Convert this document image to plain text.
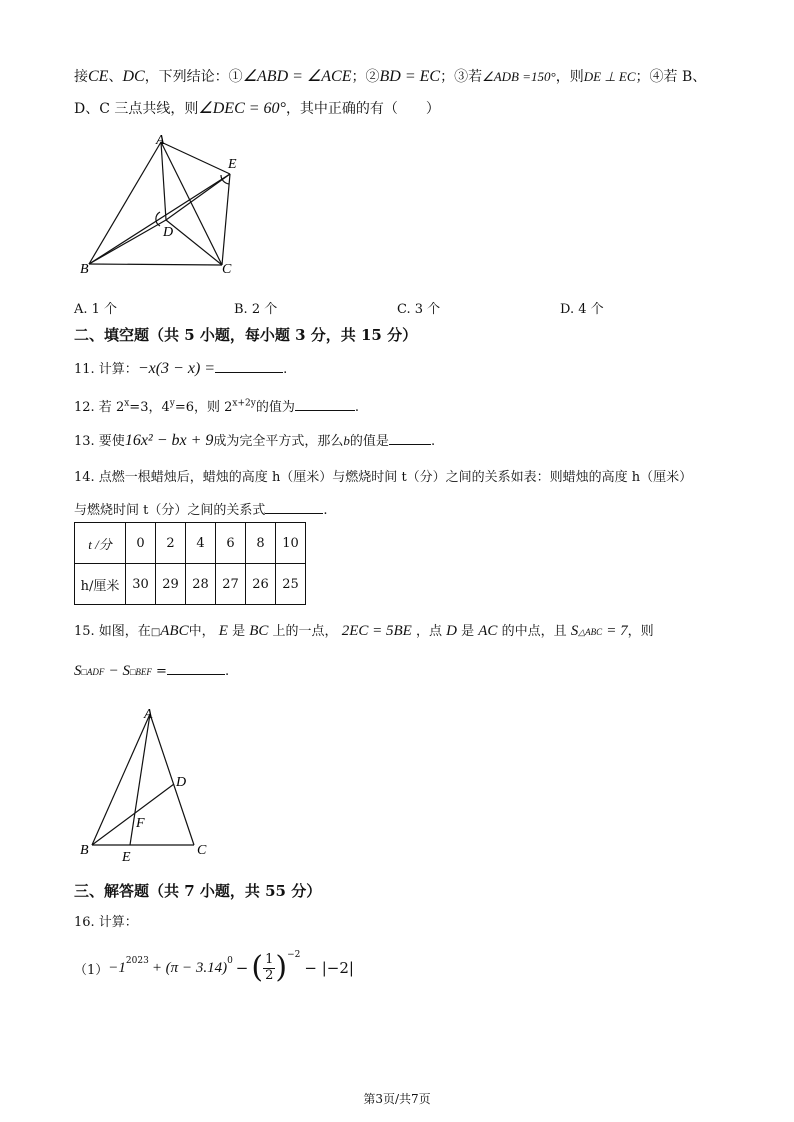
接CE、DC，下列结论：①∠ABD = ∠ACE；②BD = EC；③若∠ADB =150°，则DE ⊥ EC；④若 B、
D、C 三点共线，则∠DEC = 60°，其中正确的有（　　）
A
E
D
B	C
A. 1 个	B. 2 个	C. 3 个	D. 4 个
二、填空题（共 5 小题，每小题 3 分，共 15 分）
11. 计算：−x(3 − x) =	.
12. 若 $2^x=3$，$4^y=6$，则 $2^{x+2y}$的值为	.
13. 要使16x² − bx + 9成为完全平方式，那么b的值是	.
14. 点燃一根蜡烛后，蜡烛的高度 h（厘米）与燃烧时间 t（分）之间的关系如表：则蜡烛的高度 h（厘米）
与燃烧时间 t（分）之间的关系式	.
t /分	0	2	4	6	8	10
h/厘米	30	29	28	27	26	25
15. 如图，在□ABC中， E 是 BC 上的一点， 2EC = 5BE ，点 D 是 AC 的中点，且 S△ABC = 7，则
S□ADF − S□BEF =	.
A
D
F
B E	C
三、解答题（共 7 小题，共 55 分）
16. 计算：
$(1) -1^{2023} + (\pi - 3.14)^0$ − ( $\frac{1}{2} )^{-2}$
− |−2|
第3页/共7页
